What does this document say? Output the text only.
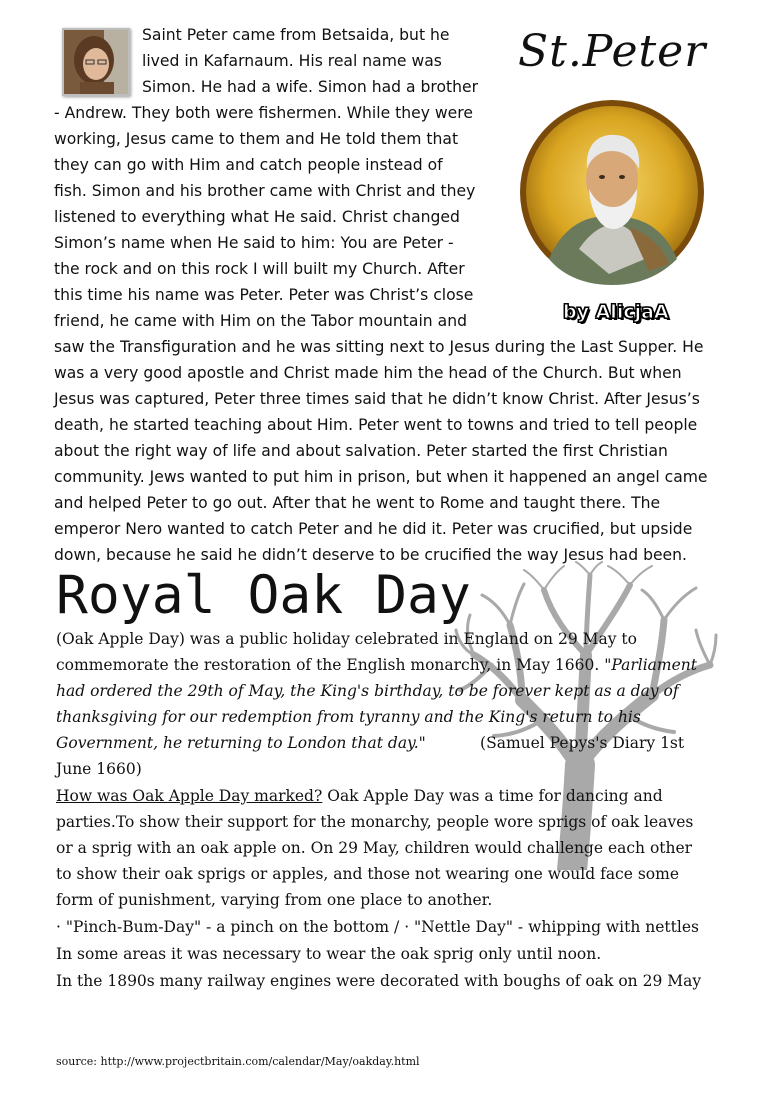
St.Peter
by AlicjaA
Saint Peter came from Betsaida, but he lived in Kafarnaum. His real name was Simon. He had a wife. Simon had a brother - Andrew. They both were fishermen. While they were working, Jesus came to them and He told them that they can go with Him and catch people instead of fish. Simon and his brother came with Christ and they listened to everything what He said. Christ changed Simon’s name when He said to him: You are Peter - the rock and on this rock I will built my Church. After this time his name was Peter. Peter was Christ’s close friend, he came with Him on the Tabor mountain and saw the Transfiguration and he was sitting next to Jesus during the Last Supper. He was a very good apostle and Christ made him the head of the Church. But when Jesus was captured, Peter three times said that he didn’t know Christ. After Jesus’s death, he started teaching about Him. Peter went to towns and tried to tell people about the right way of life and about salvation. Peter started the first Christian community. Jews wanted to put him in prison, but when it happened an angel came and helped Peter to go out. After that he went to Rome and taught there. The emperor Nero wanted to catch Peter and he did it. Peter was crucified, but upside down, because he said he didn’t deserve to be crucified the way Jesus had been.
Royal Oak Day

(Oak Apple Day) was a public holiday celebrated in England on 29 May to commemorate the restoration of the English monarchy, in May 1660. "Parliament had ordered the 29th of May, the King's birthday, to be forever kept as a day of thanksgiving for our redemption from tyranny and the King's return to his Government, he returning to London that day."	(Samuel Pepys's Diary 1st June 1660)

How was Oak Apple Day marked? Oak Apple Day was a time for dancing and parties.To show their support for the monarchy, people wore sprigs of oak leaves or a sprig with an oak apple on. On 29 May, children would challenge each other to show their oak sprigs or apples, and those not wearing one would face some form of punishment, varying from one place to another.

· "Pinch-Bum-Day" - a pinch on the bottom / · "Nettle Day" - whipping with nettles

In some areas it was necessary to wear the oak sprig only until noon.

In the 1890s many railway engines were decorated with boughs of oak on 29 May

source: http://www.projectbritain.com/calendar/May/oakday.html
